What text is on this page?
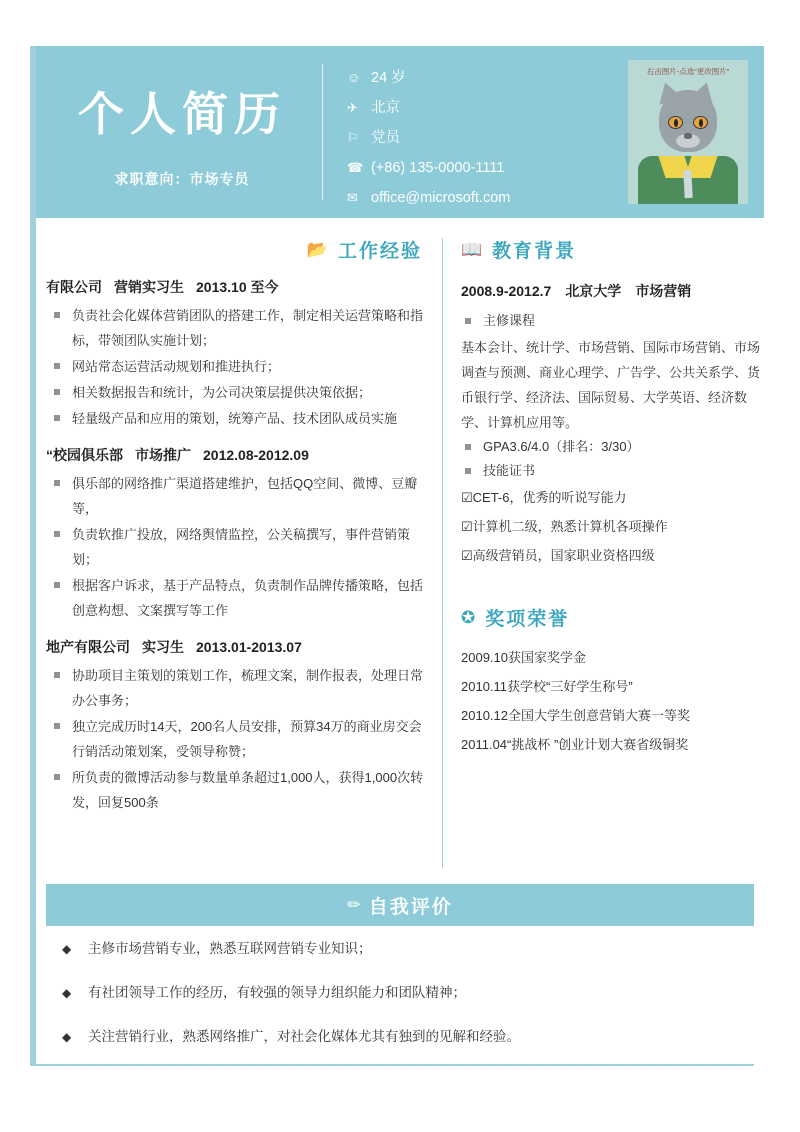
个人简历
求职意向：市场专员
☺ 24 岁
✈ 北京
⚐ 党员
☎ (+86) 135-0000-1111
✉ office@microsoft.com
右击图片-点选“更改图片”
📂 工作经验
有限公司 营销实习生 2013.10 至今
负责社会化媒体营销团队的搭建工作，制定相关运营策略和指标，带领团队实施计划；
网站常态运营活动规划和推进执行；
相关数据报告和统计，为公司决策层提供决策依据；
轻量级产品和应用的策划，统筹产品、技术团队成员实施
“校园俱乐部 市场推广 2012.08-2012.09
俱乐部的网络推广渠道搭建维护，包括QQ空间、微博、豆瓣等，
负责软推广投放，网络舆情监控，公关稿撰写，事件营销策划；
根据客户诉求，基于产品特点，负责制作品牌传播策略，包括创意构想、文案撰写等工作
地产有限公司 实习生 2013.01-2013.07
协助项目主策划的策划工作，梳理文案，制作报表，处理日常办公事务；
独立完成历时14天，200名人员安排，预算34万的商业房交会行销活动策划案，受领导称赞；
所负责的微博活动参与数量单条超过1,000人，获得1,000次转发，回复500条
📖 教育背景
2008.9-2012.7 北京大学 市场营销
主修课程
基本会计、统计学、市场营销、国际市场营销、市场调查与预测、商业心理学、广告学、公共关系学、货币银行学、经济法、国际贸易、大学英语、经济数学、计算机应用等。
GPA3.6/4.0（排名：3/30）
技能证书
☑CET-6，优秀的听说写能力
☑计算机二级，熟悉计算机各项操作
☑高级营销员，国家职业资格四级
✪ 奖项荣誉
2009.10获国家奖学金
2010.11获学校“三好学生称号”
2010.12全国大学生创意营销大赛一等奖
2011.04“挑战杯 ”创业计划大赛省级铜奖
✏ 自我评价
◆	主修市场营销专业，熟悉互联网营销专业知识；
◆	有社团领导工作的经历，有较强的领导力组织能力和团队精神；
◆	关注营销行业，熟悉网络推广，对社会化媒体尤其有独到的见解和经验。
